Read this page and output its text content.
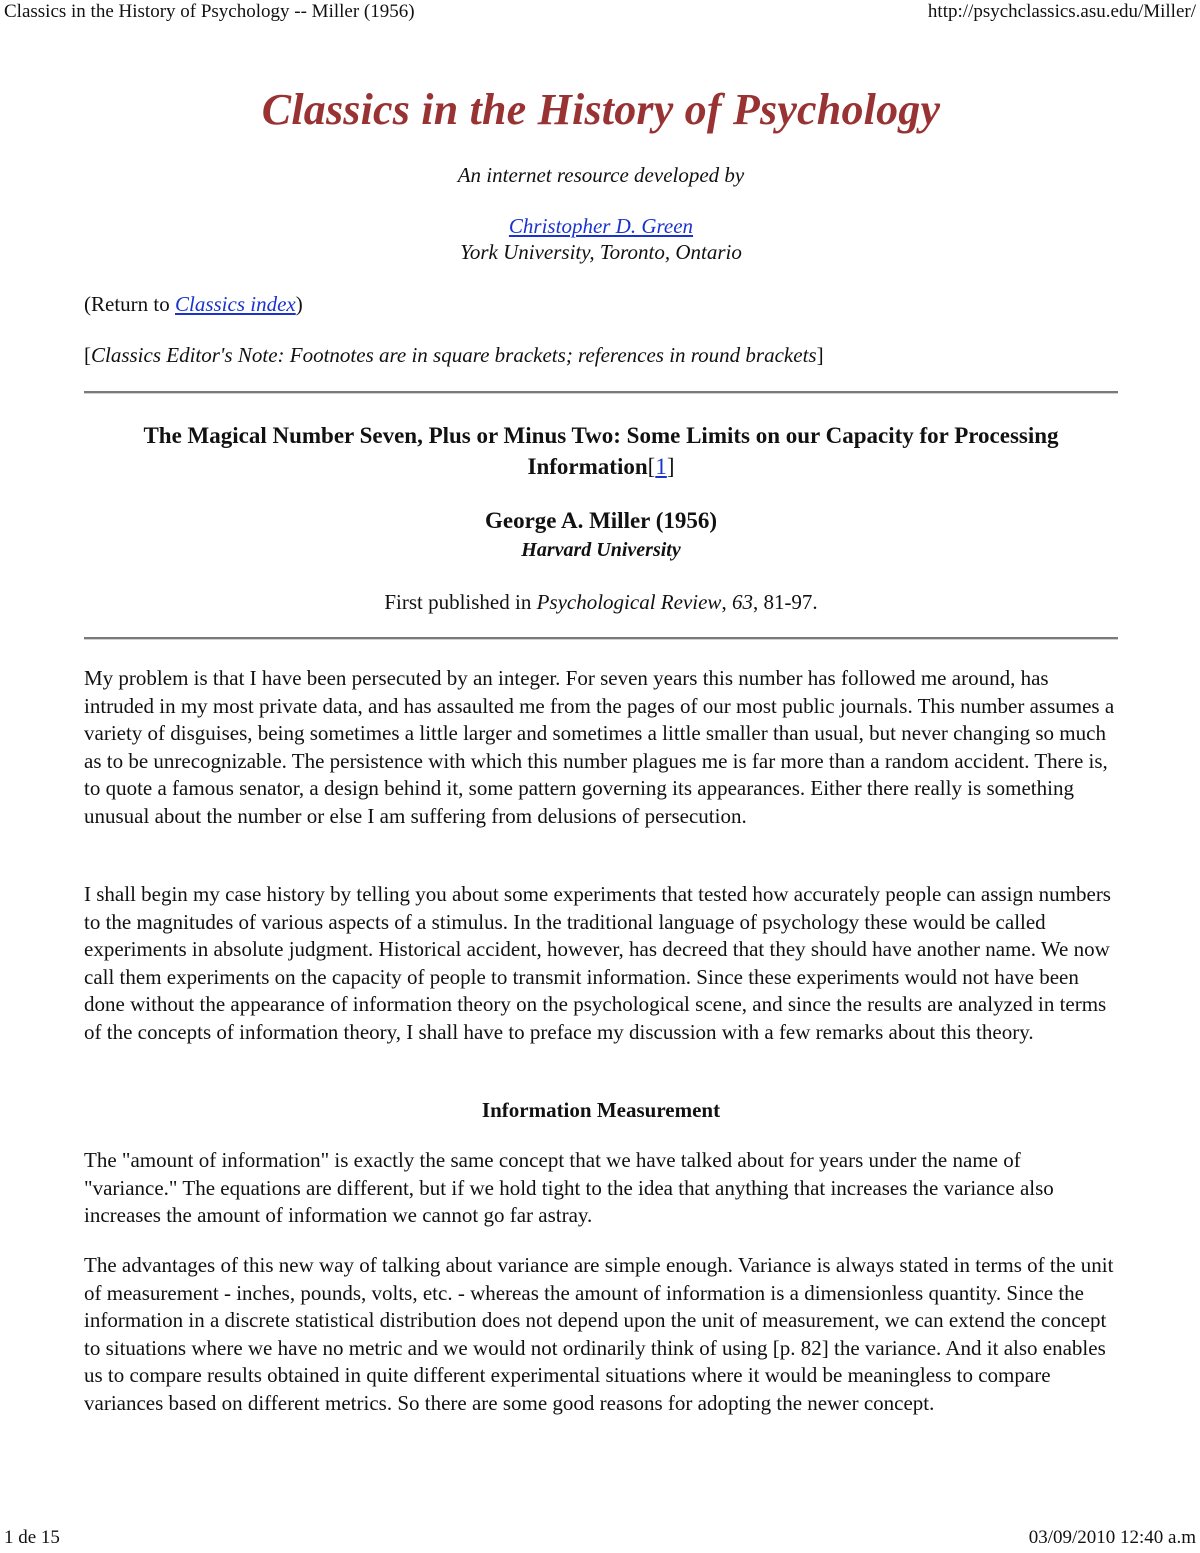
Classics in the History of Psychology -- Miller (1956)	http://psychclassics.asu.edu/Miller/
Classics in the History of Psychology
An internet resource developed by
Christopher D. Green
York University, Toronto, Ontario
(Return to Classics index)
[Classics Editor's Note: Footnotes are in square brackets; references in round brackets]
The Magical Number Seven, Plus or Minus Two: Some Limits on our Capacity for Processing Information[1]
George A. Miller (1956)
Harvard University
First published in Psychological Review, 63, 81-97.

My problem is that I have been persecuted by an integer. For seven years this number has followed me around, has intruded in my most private data, and has assaulted me from the pages of our most public journals. This number assumes a variety of disguises, being sometimes a little larger and sometimes a little smaller than usual, but never changing so much as to be unrecognizable. The persistence with which this number plagues me is far more than a random accident. There is, to quote a famous senator, a design behind it, some pattern governing its appearances. Either there really is something unusual about the number or else I am suffering from delusions of persecution.

I shall begin my case history by telling you about some experiments that tested how accurately people can assign numbers to the magnitudes of various aspects of a stimulus. In the traditional language of psychology these would be called experiments in absolute judgment. Historical accident, however, has decreed that they should have another name. We now call them experiments on the capacity of people to transmit information. Since these experiments would not have been done without the appearance of information theory on the psychological scene, and since the results are analyzed in terms of the concepts of information theory, I shall have to preface my discussion with a few remarks about this theory.

Information Measurement

The "amount of information" is exactly the same concept that we have talked about for years under the name of "variance." The equations are different, but if we hold tight to the idea that anything that increases the variance also increases the amount of information we cannot go far astray.

The advantages of this new way of talking about variance are simple enough. Variance is always stated in terms of the unit of measurement - inches, pounds, volts, etc. - whereas the amount of information is a dimensionless quantity. Since the information in a discrete statistical distribution does not depend upon the unit of measurement, we can extend the concept to situations where we have no metric and we would not ordinarily think of using [p. 82] the variance. And it also enables us to compare results obtained in quite different experimental situations where it would be meaningless to compare variances based on different metrics. So there are some good reasons for adopting the newer concept.

1 de 15	03/09/2010 12:40 a.m
